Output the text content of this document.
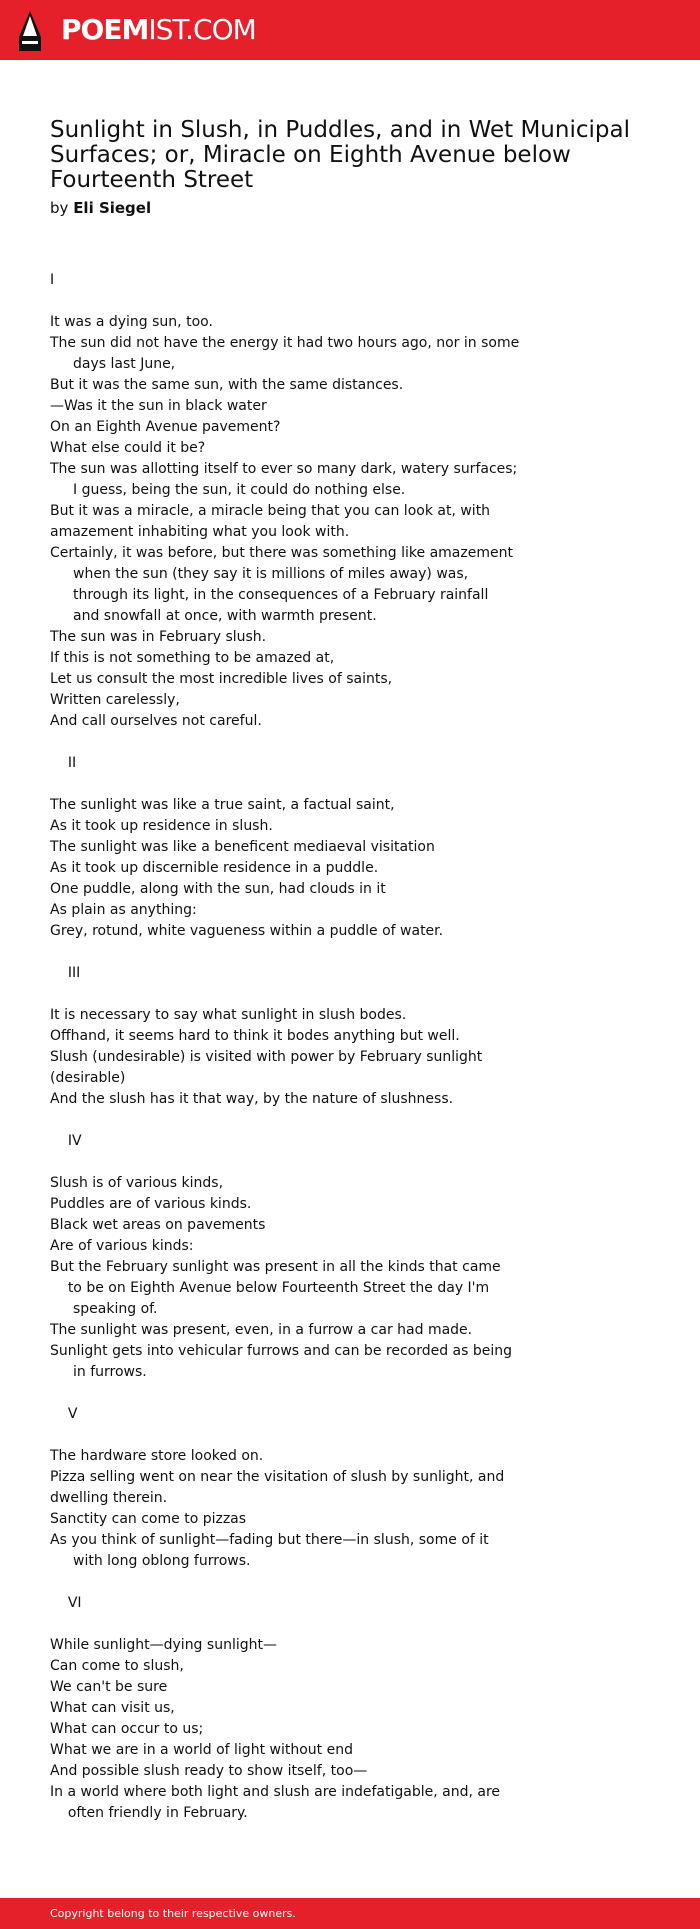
POEMIST.COM
Sunlight in Slush, in Puddles, and in Wet Municipal Surfaces; or, Miracle on Eighth Avenue below Fourteenth Street

by Eli Siegel

I

It was a dying sun, too.

The sun did not have the energy it had two hours ago, nor in some

days last June,

But it was the same sun, with the same distances.

—Was it the sun in black water

On an Eighth Avenue pavement?

What else could it be?

The sun was allotting itself to ever so many dark, watery surfaces;

I guess, being the sun, it could do nothing else.

But it was a miracle, a miracle being that you can look at, with

amazement inhabiting what you look with.

Certainly, it was before, but there was something like amazement

when the sun (they say it is millions of miles away) was,

through its light, in the consequences of a February rainfall

and snowfall at once, with warmth present.

The sun was in February slush.

If this is not something to be amazed at,

Let us consult the most incredible lives of saints,

Written carelessly,

And call ourselves not careful.

II

The sunlight was like a true saint, a factual saint,

As it took up residence in slush.

The sunlight was like a beneficent mediaeval visitation

As it took up discernible residence in a puddle.

One puddle, along with the sun, had clouds in it

As plain as anything:

Grey, rotund, white vagueness within a puddle of water.

III

It is necessary to say what sunlight in slush bodes.

Offhand, it seems hard to think it bodes anything but well.

Slush (undesirable) is visited with power by February sunlight

(desirable)

And the slush has it that way, by the nature of slushness.

IV

Slush is of various kinds,

Puddles are of various kinds.

Black wet areas on pavements

Are of various kinds:

But the February sunlight was present in all the kinds that came

to be on Eighth Avenue below Fourteenth Street the day I'm

speaking of.

The sunlight was present, even, in a furrow a car had made.

Sunlight gets into vehicular furrows and can be recorded as being

in furrows.

V

The hardware store looked on.

Pizza selling went on near the visitation of slush by sunlight, and

dwelling therein.

Sanctity can come to pizzas

As you think of sunlight—fading but there—in slush, some of it

with long oblong furrows.

VI

While sunlight—dying sunlight—

Can come to slush,

We can't be sure

What can visit us,

What can occur to us;

What we are in a world of light without end

And possible slush ready to show itself, too—

In a world where both light and slush are indefatigable, and, are

often friendly in February.

Copyright belong to their respective owners.
